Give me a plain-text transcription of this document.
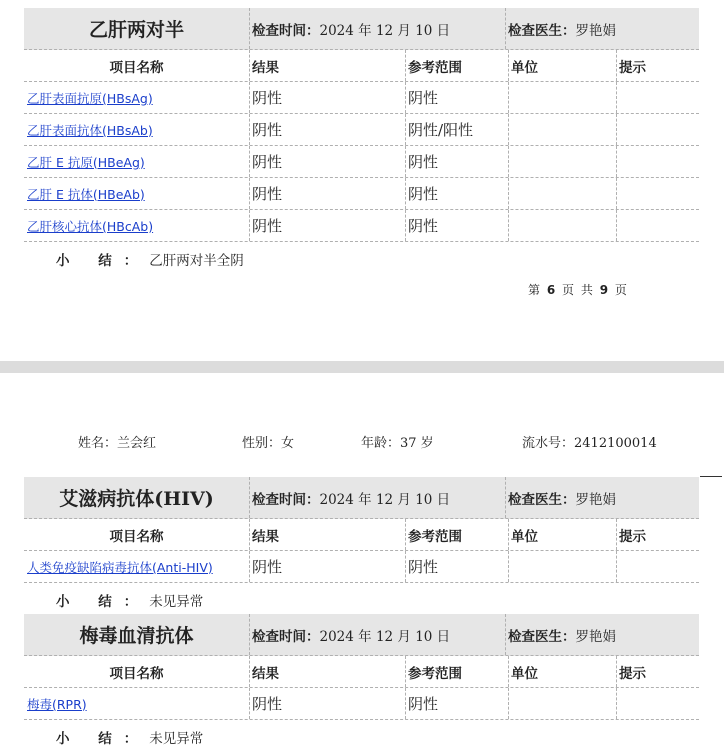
乙肝两对半	检查时间： 2024 年 12 月 10 日	检查医生： 罗艳娟
项目名称	结果	参考范围	单位	提示
乙肝表面抗原(HBsAg)	阴性	阴性
乙肝表面抗体(HBsAb)	阴性	阴性/阳性
乙肝 E 抗原(HBeAg)	阴性	阴性
乙肝 E 抗体(HBeAb)	阴性	阴性
乙肝核心抗体(HBcAb)	阴性	阴性
小 结：乙肝两对半全阴
第 6 页 共 9 页
姓名：兰会红	性别：女	年龄：37 岁	流水号：2412100014
艾滋病抗体(HIV)	检查时间： 2024 年 12 月 10 日	检查医生： 罗艳娟
项目名称	结果	参考范围	单位	提示
人类免疫缺陷病毒抗体(Anti-HIV)	阴性	阴性
小 结：未见异常
梅毒血清抗体	检查时间： 2024 年 12 月 10 日	检查医生： 罗艳娟
项目名称	结果	参考范围	单位	提示
梅毒(RPR)	阴性	阴性
小 结：未见异常
